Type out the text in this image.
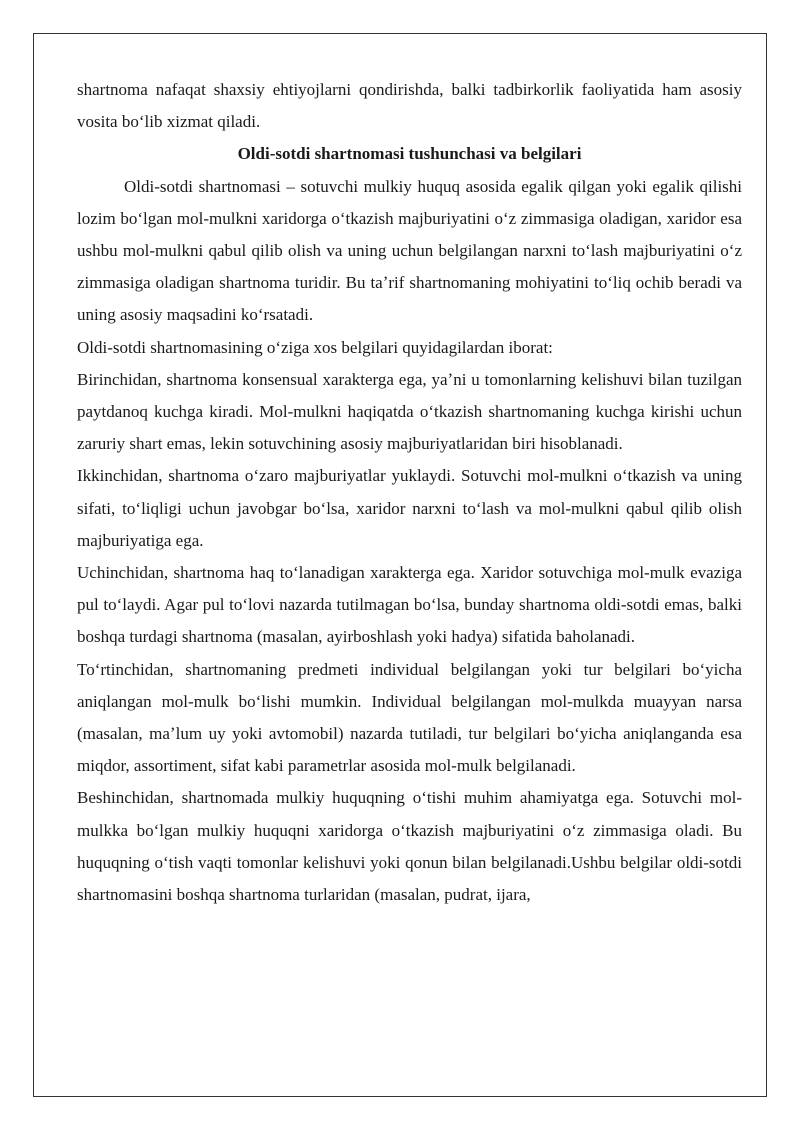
shartnoma nafaqat shaxsiy ehtiyojlarni qondirishda, balki tadbirkorlik faoliyatida ham asosiy vosita boʻlib xizmat qiladi.

Oldi-sotdi shartnomasi tushunchasi va belgilari

Oldi-sotdi shartnomasi – sotuvchi mulkiy huquq asosida egalik qilgan yoki egalik qilishi lozim boʻlgan mol-mulkni xaridorga oʻtkazish majburiyatini oʻz zimmasiga oladigan, xaridor esa ushbu mol-mulkni qabul qilib olish va uning uchun belgilangan narxni toʻlash majburiyatini oʻz zimmasiga oladigan shartnoma turidir. Bu taʼrif shartnomaning mohiyatini toʻliq ochib beradi va uning asosiy maqsadini koʻrsatadi.

Oldi-sotdi shartnomasining oʻziga xos belgilari quyidagilardan iborat:

Birinchidan, shartnoma konsensual xarakterga ega, yaʼni u tomonlarning kelishuvi bilan tuzilgan paytdanoq kuchga kiradi. Mol-mulkni haqiqatda oʻtkazish shartnomaning kuchga kirishi uchun zaruriy shart emas, lekin sotuvchining asosiy majburiyatlaridan biri hisoblanadi.

Ikkinchidan, shartnoma oʻzaro majburiyatlar yuklaydi. Sotuvchi mol-mulkni oʻtkazish va uning sifati, toʻliqligi uchun javobgar boʻlsa, xaridor narxni toʻlash va mol-mulkni qabul qilib olish majburiyatiga ega.

Uchinchidan, shartnoma haq toʻlanadigan xarakterga ega. Xaridor sotuvchiga mol-mulk evaziga pul toʻlaydi. Agar pul toʻlovi nazarda tutilmagan boʻlsa, bunday shartnoma oldi-sotdi emas, balki boshqa turdagi shartnoma (masalan, ayirboshlash yoki hadya) sifatida baholanadi.

Toʻrtinchidan, shartnomaning predmeti individual belgilangan yoki tur belgilari boʻyicha aniqlangan mol-mulk boʻlishi mumkin. Individual belgilangan mol-mulkda muayyan narsa (masalan, maʼlum uy yoki avtomobil) nazarda tutiladi, tur belgilari boʻyicha aniqlanganda esa miqdor, assortiment, sifat kabi parametrlar asosida mol-mulk belgilanadi.

Beshinchidan, shartnomada mulkiy huquqning oʻtishi muhim ahamiyatga ega. Sotuvchi mol-mulkka boʻlgan mulkiy huquqni xaridorga oʻtkazish majburiyatini oʻz zimmasiga oladi. Bu huquqning oʻtish vaqti tomonlar kelishuvi yoki qonun bilan belgilanadi.Ushbu belgilar oldi-sotdi shartnomasini boshqa shartnoma turlaridan (masalan, pudrat, ijara,
